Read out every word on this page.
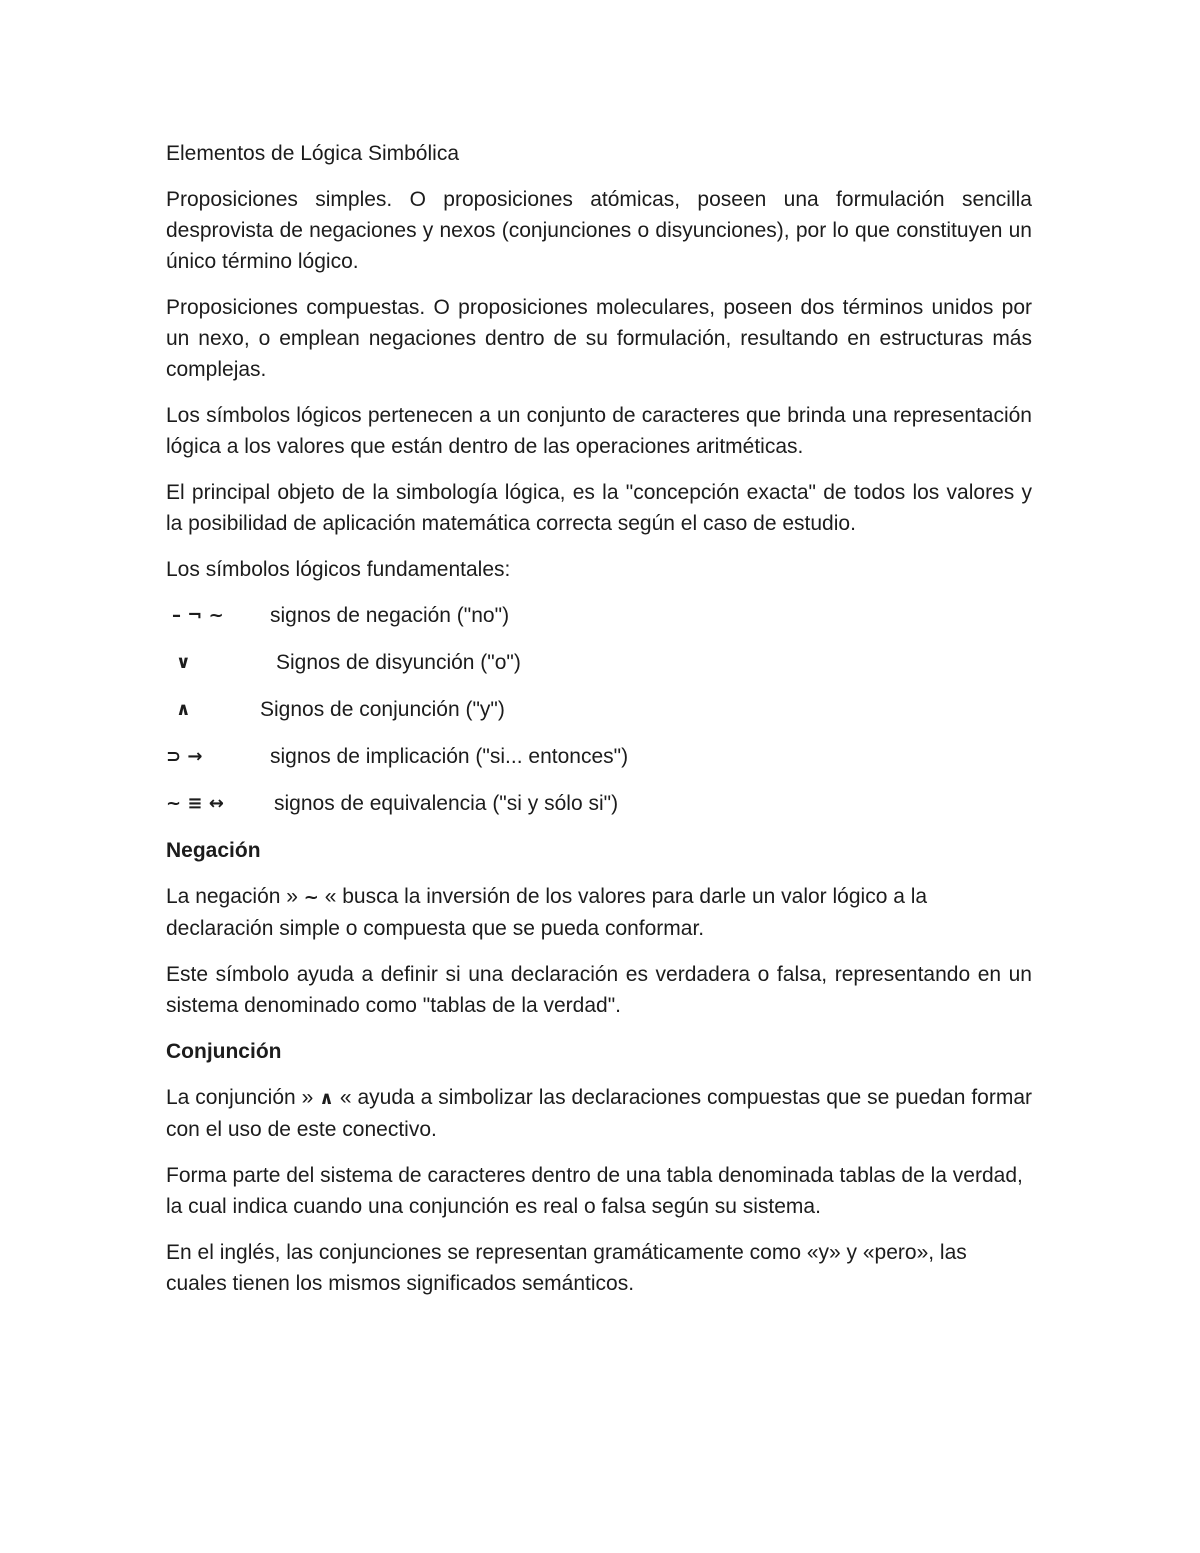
Elementos de Lógica Simbólica

Proposiciones simples. O proposiciones atómicas, poseen una formulación sencilla desprovista de negaciones y nexos (conjunciones o disyunciones), por lo que constituyen un único término lógico.

Proposiciones compuestas. O proposiciones moleculares, poseen dos términos unidos por un nexo, o emplean negaciones dentro de su formulación, resultando en estructuras más complejas.

Los símbolos lógicos pertenecen a un conjunto de caracteres que brinda una representación lógica a los valores que están dentro de las operaciones aritméticas.

El principal objeto de la simbología lógica, es la "concepción exacta" de todos los valores y la posibilidad de aplicación matemática correcta según el caso de estudio.

Los símbolos lógicos fundamentales:

– ¬ ~ signos de negación ("no")
∨	Signos de disyunción ("o")
∧	Signos de conjunción ("y")
⊃ →	signos de implicación ("si... entonces")
~ ≡ ↔ signos de equivalencia ("si y sólo si")
Negación

La negación » ~ « busca la inversión de los valores para darle un valor lógico a la declaración simple o compuesta que se pueda conformar.

Este símbolo ayuda a definir si una declaración es verdadera o falsa, representando en un sistema denominado como "tablas de la verdad".

Conjunción

La conjunción » ∧ « ayuda a simbolizar las declaraciones compuestas que se puedan formar con el uso de este conectivo.

Forma parte del sistema de caracteres dentro de una tabla denominada tablas de la verdad, la cual indica cuando una conjunción es real o falsa según su sistema.

En el inglés, las conjunciones se representan gramáticamente como «y» y «pero», las cuales tienen los mismos significados semánticos.
